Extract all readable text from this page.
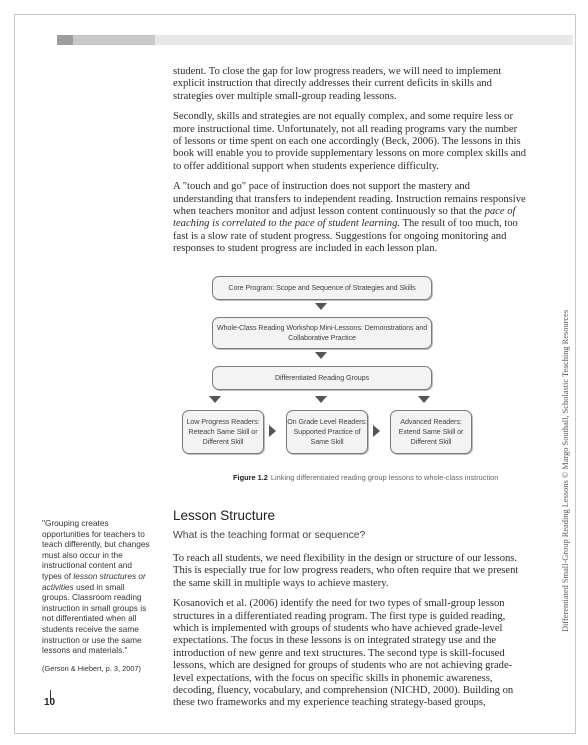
student. To close the gap for low progress readers, we will need to implement explicit instruction that directly addresses their current deficits in skills and strategies over multiple small-group reading lessons.

Secondly, skills and strategies are not equally complex, and some require less or more instructional time. Unfortunately, not all reading programs vary the number of lessons or time spent on each one accordingly (Beck, 2006). The lessons in this book will enable you to provide supplementary lessons on more complex skills and to offer additional support when students experience difficulty.

A "touch and go" pace of instruction does not support the mastery and understanding that transfers to independent reading. Instruction remains responsive when teachers monitor and adjust lesson content continuously so that the pace of teaching is correlated to the pace of student learning. The result of too much, too fast is a slow rate of student progress. Suggestions for ongoing monitoring and responses to student progress are included in each lesson plan.

Differentiated Small-Group Reading Lessons © Margo Southall, Scholastic Teaching Resources
Core Program: Scope and Sequence of Strategies and Skills
Whole-Class Reading Workshop Mini-Lessons: Demonstrations and Collaborative Practice
Differentiated Reading Groups
Low Progress Readers: Reteach Same Skill or Different Skill
On Grade Level Readers: Supported Practice of Same Skill
Advanced Readers: Extend Same Skill or Different Skill
Figure 1.2 Linking differentiated reading group lessons to whole-class instruction
Lesson Structure
What is the teaching format or sequence?

To reach all students, we need flexibility in the design or structure of our lessons. This is especially true for low progress readers, who often require that we present the same skill in multiple ways to achieve mastery.

Kosanovich et al. (2006) identify the need for two types of small-group lesson structures in a differentiated reading program. The first type is guided reading, which is implemented with groups of students who have achieved grade-level expectations. The focus in these lessons is on integrated strategy use and the introduction of new genre and text structures. The second type is skill-focused lessons, which are designed for groups of students who are not achieving grade-level expectations, with the focus on specific skills in phonemic awareness, decoding, fluency, vocabulary, and comprehension (NICHD, 2000). Building on these two frameworks and my experience teaching strategy-based groups,

"Grouping creates opportunities for teachers to teach differently, but changes must also occur in the instructional content and types of lesson structures or activities used in small groups. Classroom reading instruction in small groups is not differentiated when all students receive the same instruction or use the same lessons and materials."
(Gerson & Hiebert, p. 3, 2007)
10
